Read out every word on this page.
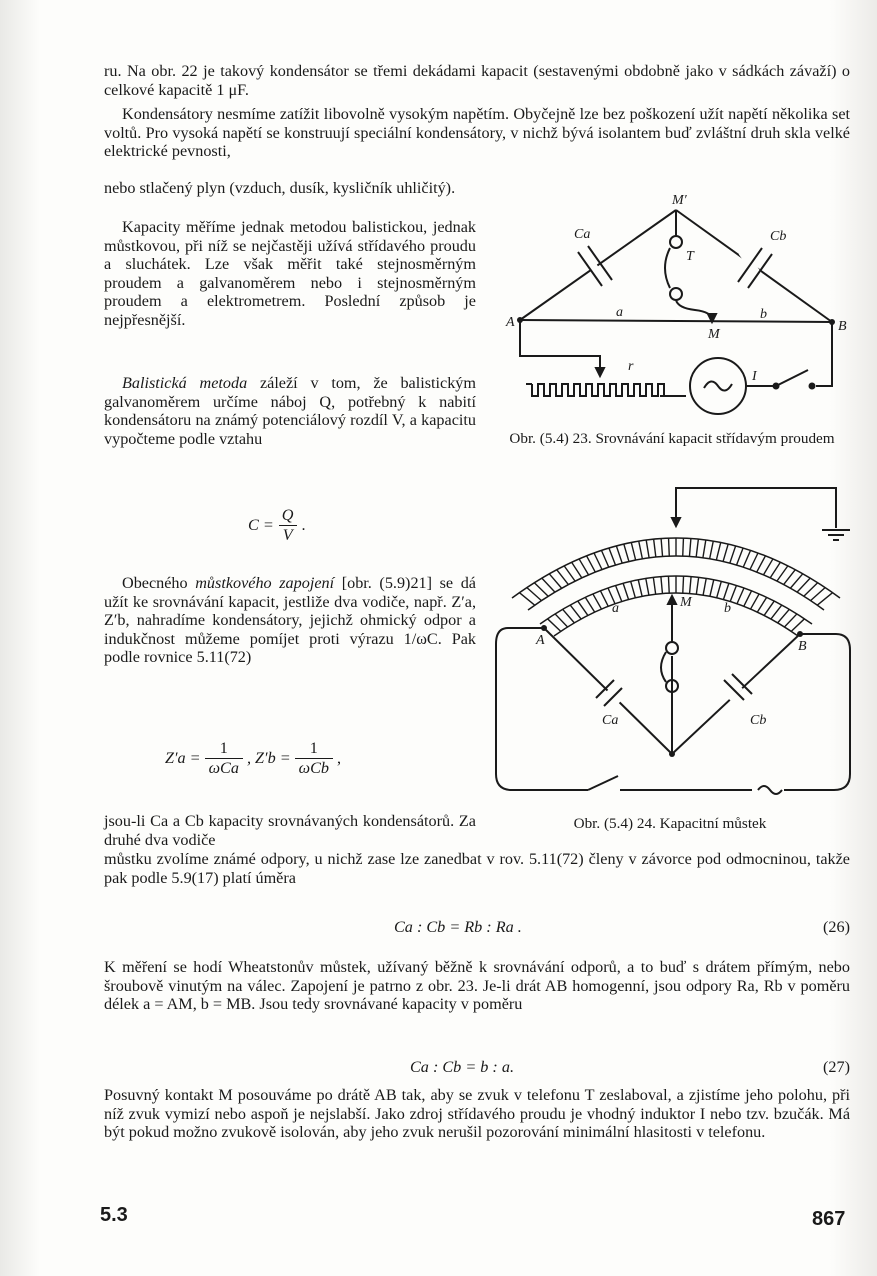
ru. Na obr. 22 je takový kondensátor se třemi dekádami kapacit (sestavenými obdobně jako v sádkách závaží) o celkové kapacitě 1 μF.
Kondensátory nesmíme zatížit libovolně vysokým napětím. Obyčejně lze bez poškození užít napětí několika set voltů. Pro vysoká napětí se konstruují speciální kondensátory, v nichž bývá isolantem buď zvláštní druh skla velké elektrické pevnosti,
nebo stlačený plyn (vzduch, dusík, kysličník uhličitý).
Kapacity měříme jednak metodou balistickou, jednak můstkovou, při níž se nejčastěji užívá střídavého proudu a sluchátek. Lze však měřit také stejnosměrným proudem a galvanoměrem nebo i stejnosměrným proudem a elektrometrem. Poslední způsob je nejpřesnější.
Balistická metoda záleží v tom, že balistickým galvanoměrem určíme náboj Q, potřebný k nabití kondensátoru na známý potenciálový rozdíl V, a kapacitu vypočteme podle vztahu
$C = \frac{Q}{V}$ .
Obecného můstkového zapojení [obr. (5.9)21] se dá užít ke srovnávání kapacit, jestliže dva vodiče, např. Z′a, Z′b, nahradíme kondensátory, jejichž ohmický odpor a indukčnost můžeme pomíjet proti výrazu 1/ωC. Pak podle rovnice 5.11(72)
$Z'a = \frac{1}{\text{ωCa}}$ , $Z'b = \frac{1}{\text{ωCb}}$ ,
jsou-li Ca a Cb kapacity srovnávaných kondensátorů. Za druhé dva vodiče
můstku zvolíme známé odpory, u nichž zase lze zanedbat v rov. 5.11(72) členy v závorce pod odmocninou, takže pak podle 5.9(17) platí úměra
Ca : Cb = Rb : Ra .	(26)
K měření se hodí Wheatstonův můstek, užívaný běžně k srovnávání odporů, a to buď s drátem přímým, nebo šroubově vinutým na válec. Zapojení je patrno z obr. 23. Je-li drát AB homogenní, jsou odpory Ra, Rb v poměru délek a = AM, b = MB. Jsou tedy srovnávané kapacity v poměru
Ca : Cb = b : a.	(27)
Posuvný kontakt M posouváme po drátě AB tak, aby se zvuk v telefonu T zeslaboval, a zjistíme jeho polohu, při níž zvuk vymizí nebo aspoň je nejslabší. Jako zdroj střídavého proudu je vhodný induktor I nebo tzv. bzučák. Má být pokud možno zvukově isolován, aby jeho zvuk nerušil pozorování minimální hlasitosti v telefonu.
M′
Ca	Cb
T
A	B
a	b
M
r
I
Obr. (5.4) 23. Srovnávání kapacit střídavým proudem
A	B
a	b
M
Ca	Cb
Obr. (5.4) 24. Kapacitní můstek
5.3	867
